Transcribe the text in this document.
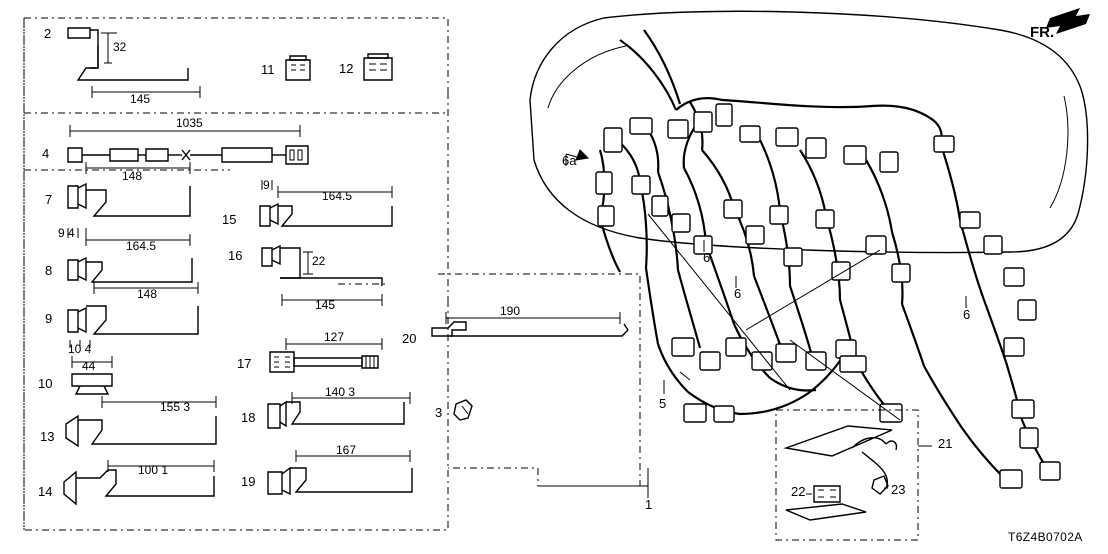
FR.
T6Z4B0702A
1
2
3
4
5
6a
6
6
6
7
8
9
10
11	12
13
14
15
16
17
18
19
20
21
22	23
32
145
1035
148
9
164.5
9 4
164.5
22
148
145	190
10 4
127
44
140 3
155 3
167
100 1
